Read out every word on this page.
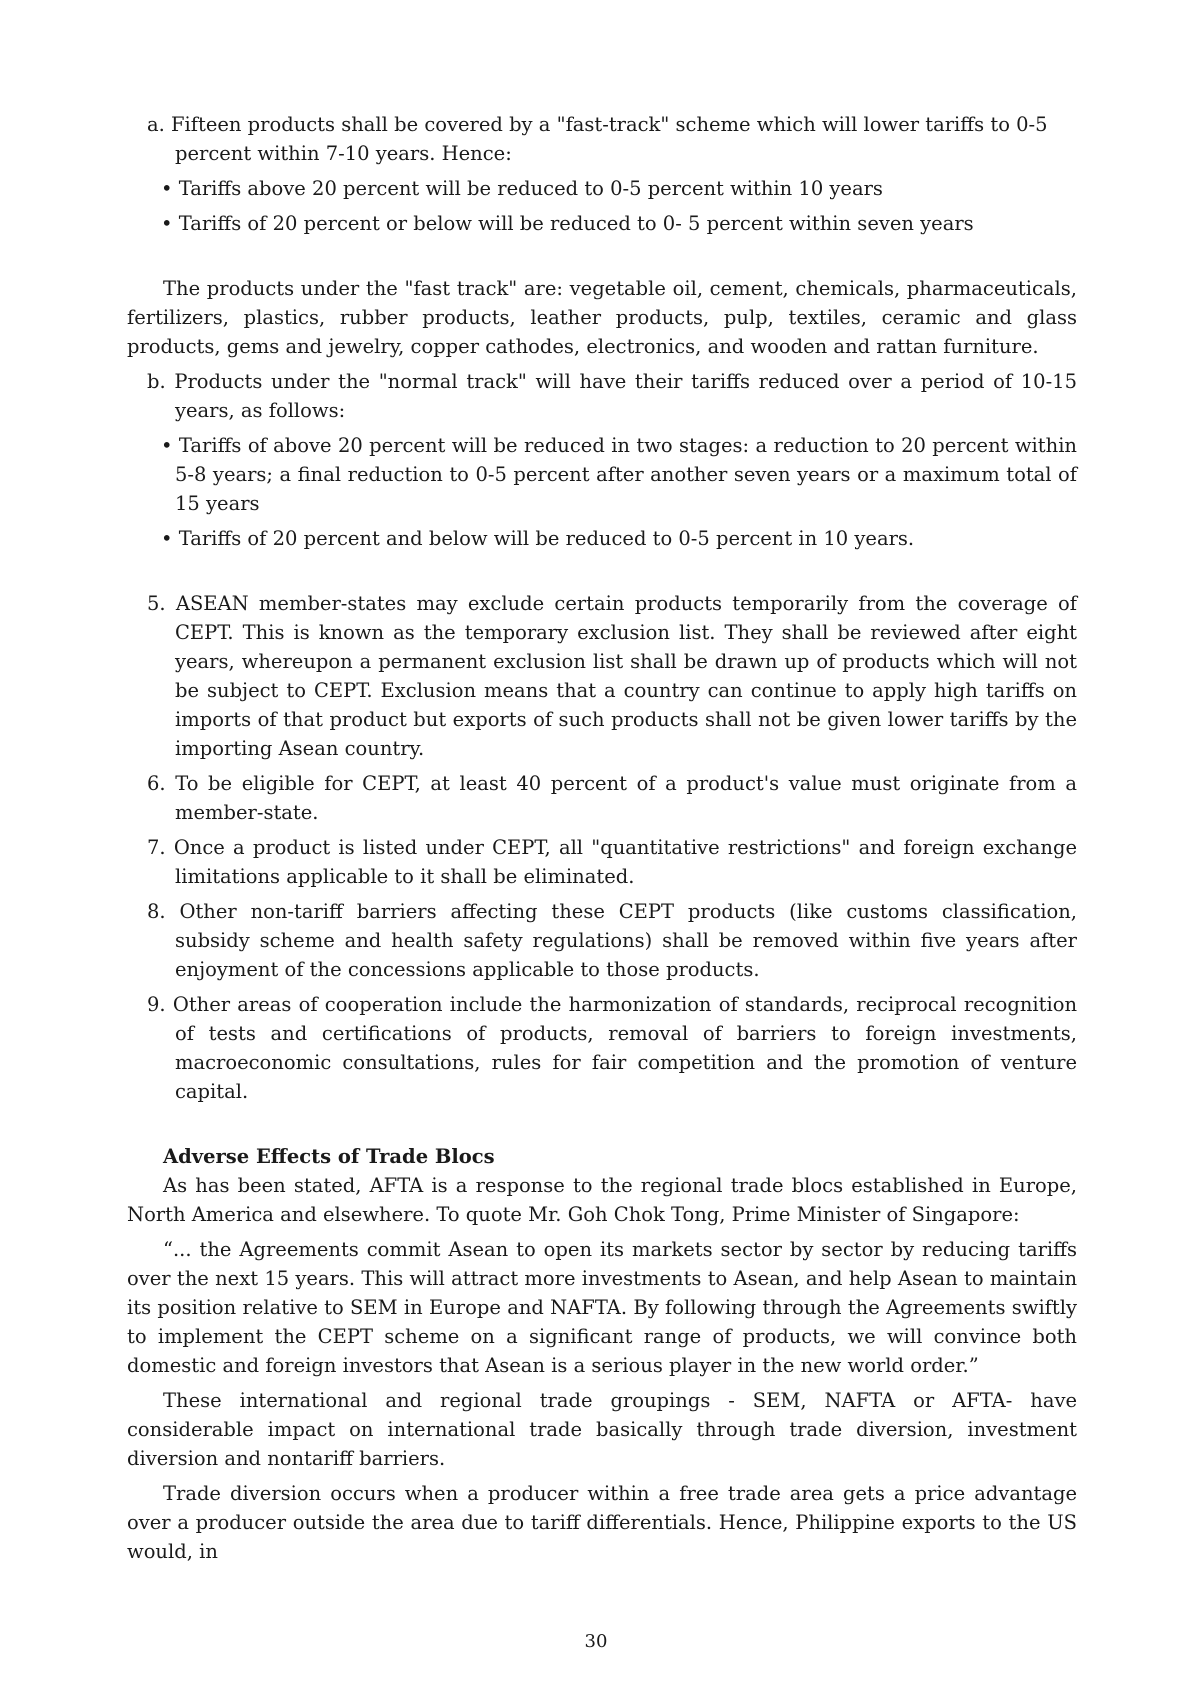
a. Fifteen products shall be covered by a "fast-track" scheme which will lower tariffs to 0-5 percent within 7-10 years. Hence:
• Tariffs above 20 percent will be reduced to 0-5 percent within 10 years
• Tariffs of 20 percent or below will be reduced to 0- 5 percent within seven years
The products under the "fast track" are: vegetable oil, cement, chemicals, pharmaceuticals, fertilizers, plastics, rubber products, leather products, pulp, textiles, ceramic and glass products, gems and jewelry, copper cathodes, electronics, and wooden and rattan furniture.
b. Products under the "normal track" will have their tariffs reduced over a period of 10-15 years, as follows:
• Tariffs of above 20 percent will be reduced in two stages: a reduction to 20 percent within 5-8 years; a final reduction to 0-5 percent after another seven years or a maximum total of 15 years
• Tariffs of 20 percent and below will be reduced to 0-5 percent in 10 years.
5. ASEAN member-states may exclude certain products temporarily from the coverage of CEPT. This is known as the temporary exclusion list. They shall be reviewed after eight years, whereupon a permanent exclusion list shall be drawn up of products which will not be subject to CEPT. Exclusion means that a country can continue to apply high tariffs on imports of that product but exports of such products shall not be given lower tariffs by the importing Asean country.
6. To be eligible for CEPT, at least 40 percent of a product's value must originate from a member-state.
7. Once a product is listed under CEPT, all "quantitative restrictions" and foreign exchange limitations applicable to it shall be eliminated.
8. Other non-tariff barriers affecting these CEPT products (like customs classification, subsidy scheme and health safety regulations) shall be removed within five years after enjoyment of the concessions applicable to those products.
9. Other areas of cooperation include the harmonization of standards, reciprocal recognition of tests and certifications of products, removal of barriers to foreign investments, macroeconomic consultations, rules for fair competition and the promotion of venture capital.
Adverse Effects of Trade Blocs
As has been stated, AFTA is a response to the regional trade blocs established in Europe, North America and elsewhere. To quote Mr. Goh Chok Tong, Prime Minister of Singapore:
“... the Agreements commit Asean to open its markets sector by sector by reducing tariffs over the next 15 years. This will attract more investments to Asean, and help Asean to maintain its position relative to SEM in Europe and NAFTA. By following through the Agreements swiftly to implement the CEPT scheme on a significant range of products, we will convince both domestic and foreign investors that Asean is a serious player in the new world order.”
These international and regional trade groupings - SEM, NAFTA or AFTA- have considerable impact on international trade basically through trade diversion, investment diversion and nontariff barriers.
Trade diversion occurs when a producer within a free trade area gets a price advantage over a producer outside the area due to tariff differentials. Hence, Philippine exports to the US would, in
30
